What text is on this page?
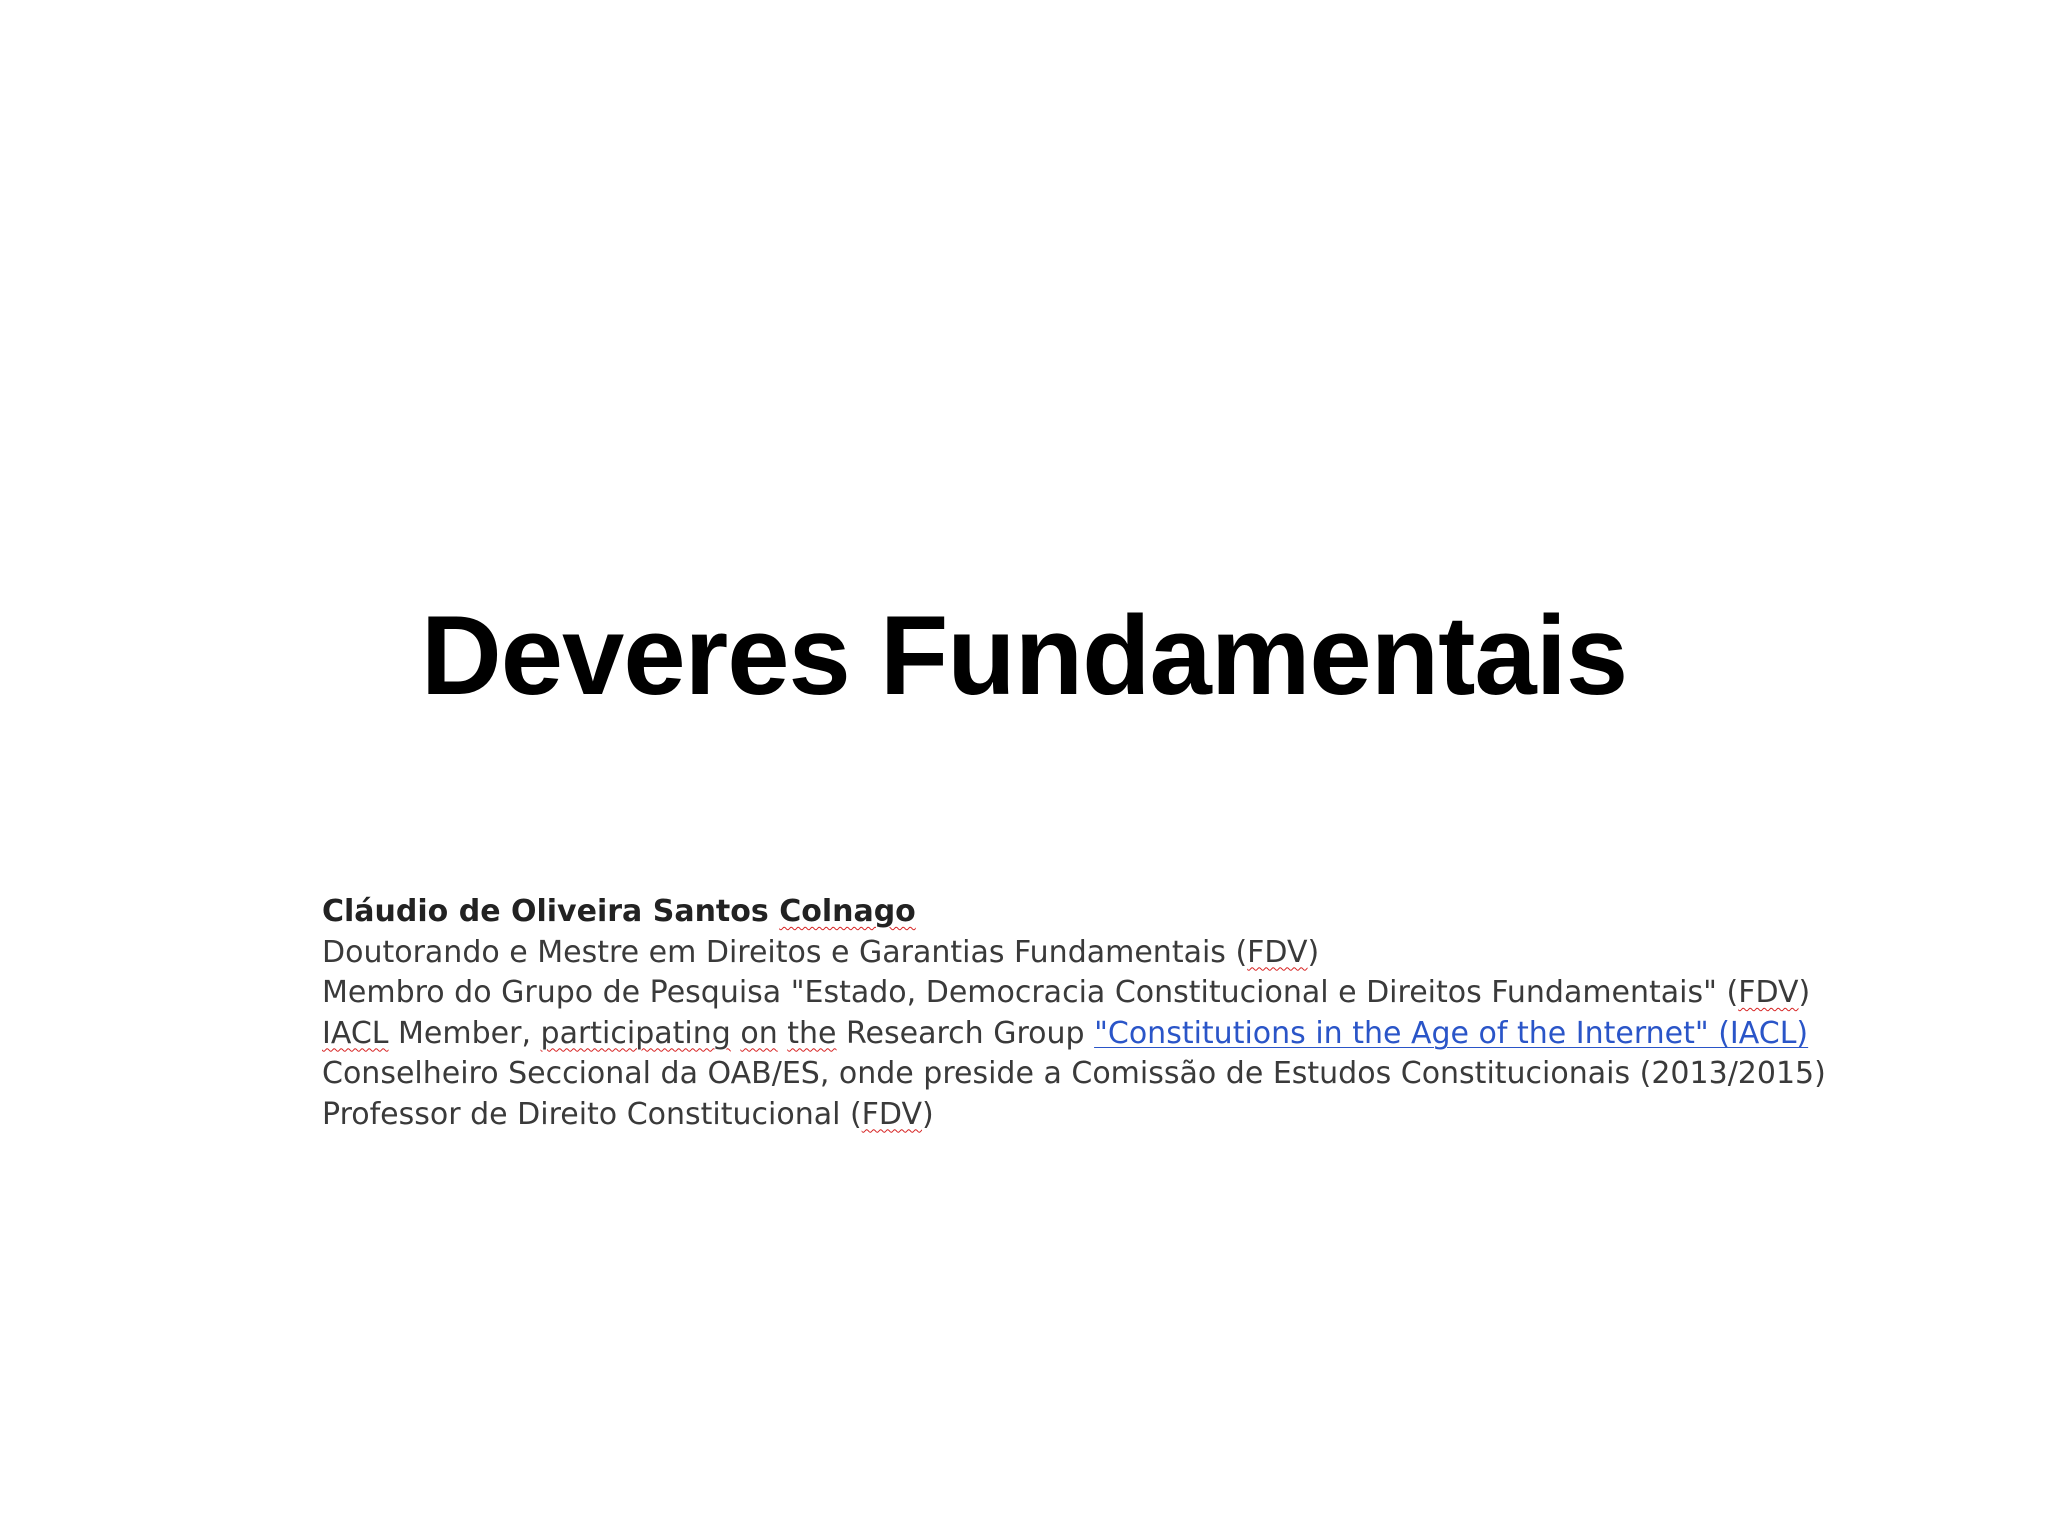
Deveres Fundamentais
Cláudio de Oliveira Santos Colnago
Doutorando e Mestre em Direitos e Garantias Fundamentais (FDV)
Membro do Grupo de Pesquisa "Estado, Democracia Constitucional e Direitos Fundamentais" (FDV)
IACL Member, participating on the Research Group "Constitutions in the Age of the Internet" (IACL)
Conselheiro Seccional da OAB/ES, onde preside a Comissão de Estudos Constitucionais (2013/2015)
Professor de Direito Constitucional (FDV)
